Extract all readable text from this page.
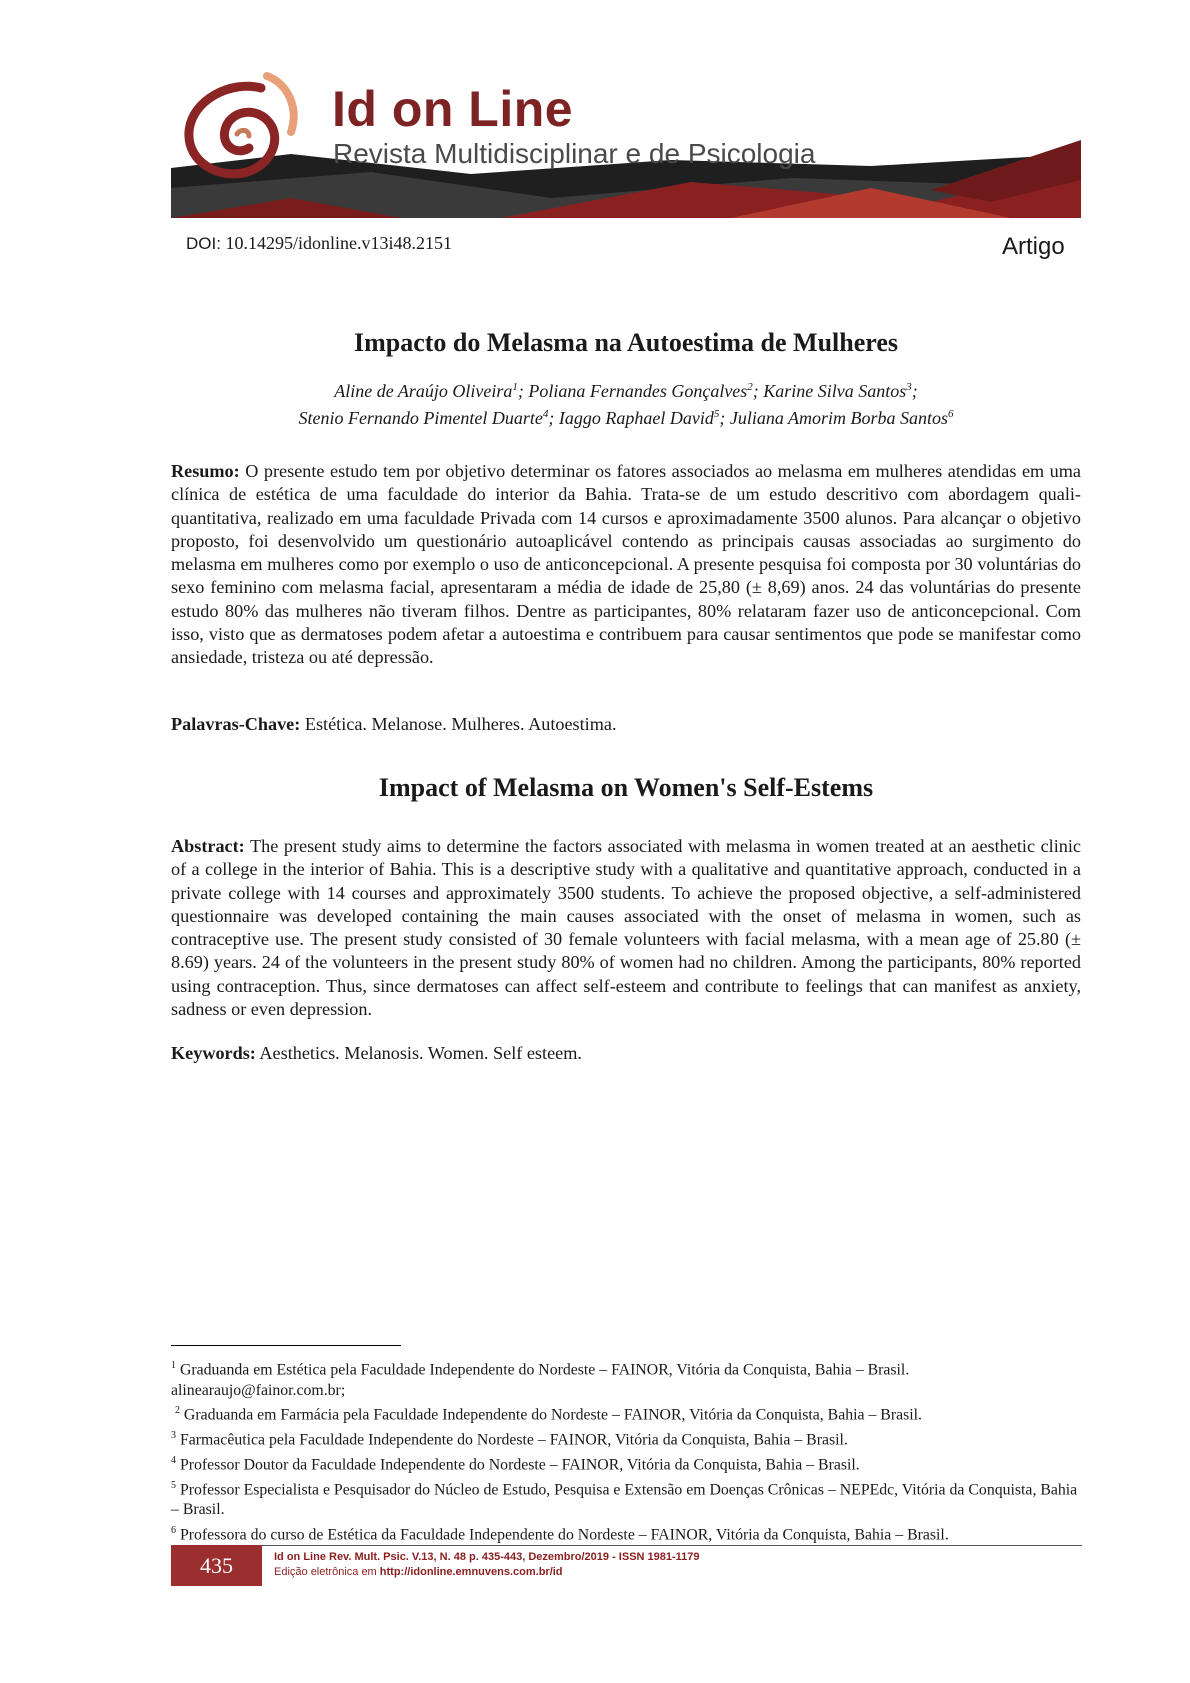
Id on Line
Revista Multidisciplinar e de Psicologia
DOI: 10.14295/idonline.v13i48.2151	Artigo
Impacto do Melasma na Autoestima de Mulheres
Aline de Araújo Oliveira$^1$; Poliana Fernandes Gonçalves$^2$; Karine Silva Santos$^3$;
Stenio Fernando Pimentel Duarte$^4$; Iaggo Raphael David$^5$; Juliana Amorim Borba Santos$^6$
Resumo: O presente estudo tem por objetivo determinar os fatores associados ao melasma em mulheres atendidas em uma clínica de estética de uma faculdade do interior da Bahia. Trata-se de um estudo descritivo com abordagem quali-quantitativa, realizado em uma faculdade Privada com 14 cursos e aproximadamente 3500 alunos. Para alcançar o objetivo proposto, foi desenvolvido um questionário autoaplicável contendo as principais causas associadas ao surgimento do melasma em mulheres como por exemplo o uso de anticoncepcional. A presente pesquisa foi composta por 30 voluntárias do sexo feminino com melasma facial, apresentaram a média de idade de 25,80 (± 8,69) anos. 24 das voluntárias do presente estudo 80% das mulheres não tiveram filhos. Dentre as participantes, 80% relataram fazer uso de anticoncepcional. Com isso, visto que as dermatoses podem afetar a autoestima e contribuem para causar sentimentos que pode se manifestar como ansiedade, tristeza ou até depressão.
Palavras-Chave: Estética. Melanose. Mulheres. Autoestima.
Impact of Melasma on Women's Self-Estems
Abstract: The present study aims to determine the factors associated with melasma in women treated at an aesthetic clinic of a college in the interior of Bahia. This is a descriptive study with a qualitative and quantitative approach, conducted in a private college with 14 courses and approximately 3500 students. To achieve the proposed objective, a self-administered questionnaire was developed containing the main causes associated with the onset of melasma in women, such as contraceptive use. The present study consisted of 30 female volunteers with facial melasma, with a mean age of 25.80 (± 8.69) years. 24 of the volunteers in the present study 80% of women had no children. Among the participants, 80% reported using contraception. Thus, since dermatoses can affect self-esteem and contribute to feelings that can manifest as anxiety, sadness or even depression.
Keywords: Aesthetics. Melanosis. Women. Self esteem.

$^1$ Graduanda em Estética pela Faculdade Independente do Nordeste – FAINOR, Vitória da Conquista, Bahia – Brasil. alinearaujo@fainor.com.br;

$^2$ Graduanda em Farmácia pela Faculdade Independente do Nordeste – FAINOR, Vitória da Conquista, Bahia – Brasil.

$^3$ Farmacêutica pela Faculdade Independente do Nordeste – FAINOR, Vitória da Conquista, Bahia – Brasil.

$^4$ Professor Doutor da Faculdade Independente do Nordeste – FAINOR, Vitória da Conquista, Bahia – Brasil.

$^5$ Professor Especialista e Pesquisador do Núcleo de Estudo, Pesquisa e Extensão em Doenças Crônicas – NEPEdc, Vitória da Conquista, Bahia – Brasil.

$^6$ Professora do curso de Estética da Faculdade Independente do Nordeste – FAINOR, Vitória da Conquista, Bahia – Brasil.

435	Id on Line Rev. Mult. Psic. V.13, N. 48 p. 435-443, Dezembro/2019 - ISSN 1981-1179
Edição eletrônica em http://idonline.emnuvens.com.br/id
